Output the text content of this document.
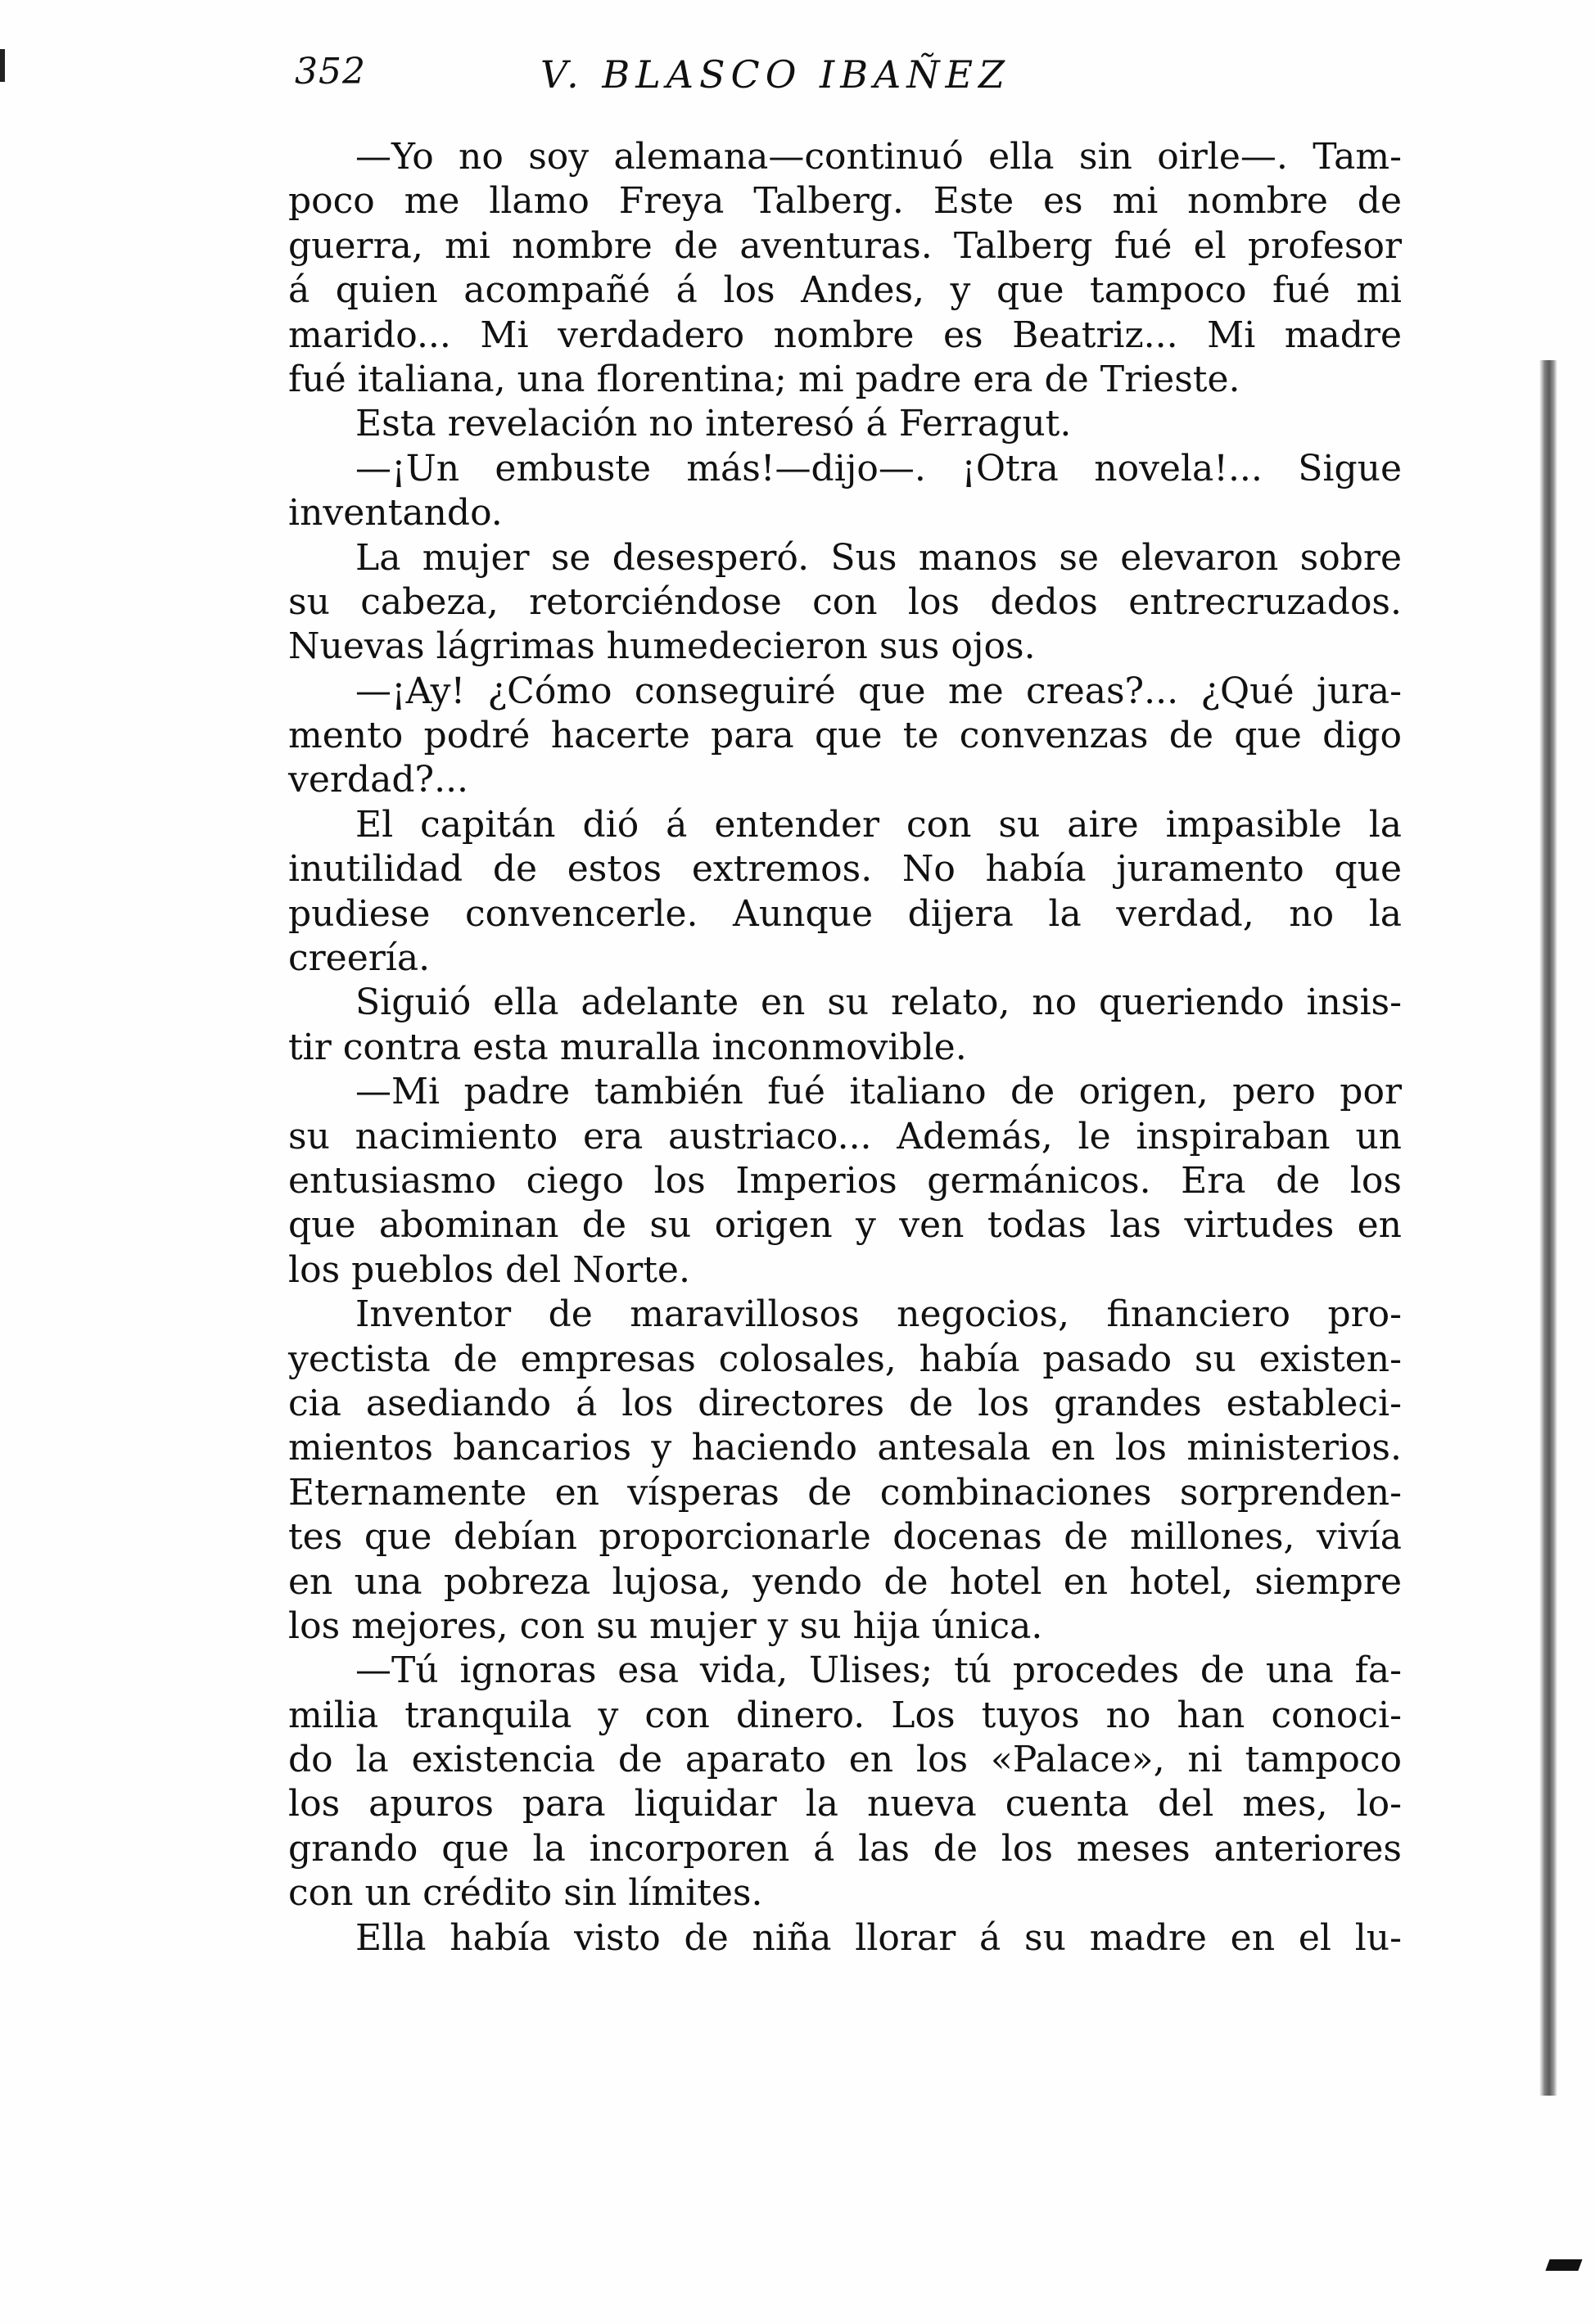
352	V. BLASCO IBAÑEZ
—Yo no soy alemana—continuó ella sin oirle—. Tam-
poco me llamo Freya Talberg. Este es mi nombre de
guerra, mi nombre de aventuras. Talberg fué el profesor
á quien acompañé á los Andes, y que tampoco fué mi
marido... Mi verdadero nombre es Beatriz... Mi madre
fué italiana, una florentina; mi padre era de Trieste.
Esta revelación no interesó á Ferragut.
—¡Un embuste más!—dijo—. ¡Otra novela!... Sigue
inventando.
La mujer se desesperó. Sus manos se elevaron sobre
su cabeza, retorciéndose con los dedos entrecruzados.
Nuevas lágrimas humedecieron sus ojos.
—¡Ay! ¿Cómo conseguiré que me creas?... ¿Qué jura-
mento podré hacerte para que te convenzas de que digo
verdad?...
El capitán dió á entender con su aire impasible la
inutilidad de estos extremos. No había juramento que
pudiese convencerle. Aunque dijera la verdad, no la
creería.
Siguió ella adelante en su relato, no queriendo insis-
tir contra esta muralla inconmovible.
—Mi padre también fué italiano de origen, pero por
su nacimiento era austriaco... Además, le inspiraban un
entusiasmo ciego los Imperios germánicos. Era de los
que abominan de su origen y ven todas las virtudes en
los pueblos del Norte.
Inventor de maravillosos negocios, financiero pro-
yectista de empresas colosales, había pasado su existen-
cia asediando á los directores de los grandes estableci-
mientos bancarios y haciendo antesala en los ministerios.
Eternamente en vísperas de combinaciones sorprenden-
tes que debían proporcionarle docenas de millones, vivía
en una pobreza lujosa, yendo de hotel en hotel, siempre
los mejores, con su mujer y su hija única.
—Tú ignoras esa vida, Ulises; tú procedes de una fa-
milia tranquila y con dinero. Los tuyos no han conoci-
do la existencia de aparato en los «Palace», ni tampoco
los apuros para liquidar la nueva cuenta del mes, lo-
grando que la incorporen á las de los meses anteriores
con un crédito sin límites.
Ella había visto de niña llorar á su madre en el lu-
